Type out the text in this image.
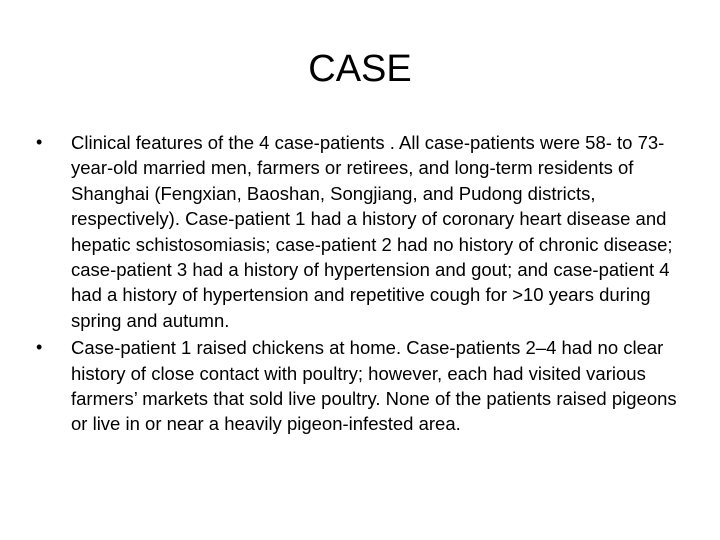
CASE
•	Clinical features of the 4 case-patients . All case-patients were 58- to 73-year-old married men, farmers or retirees, and long-term residents of Shanghai (Fengxian, Baoshan, Songjiang, and Pudong districts, respectively). Case-patient 1 had a history of coronary heart disease and hepatic schistosomiasis; case-patient 2 had no history of chronic disease; case-patient 3 had a history of hypertension and gout; and case-patient 4 had a history of hypertension and repetitive cough for >10 years during spring and autumn.
•	Case-patient 1 raised chickens at home. Case-patients 2–4 had no clear history of close contact with poultry; however, each had visited various farmers’ markets that sold live poultry. None of the patients raised pigeons or live in or near a heavily pigeon-infested area.
